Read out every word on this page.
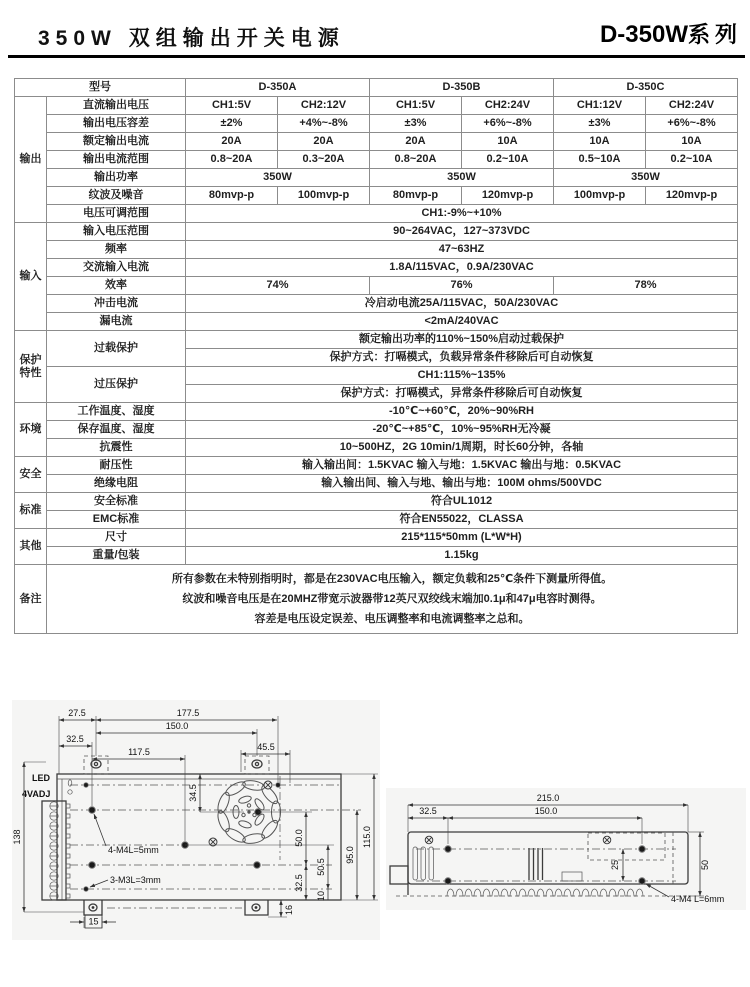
350W 双组输出开关电源	D-350W系列
型号		D-350A		D-350B		D-350C	
输出	直流输出电压	CH1:5V	CH2:12V	CH1:5V	CH2:24V	CH1:12V	CH2:24V
	输出电压容差	±2%	+4%~-8%	±3%	+6%~-8%	±3%	+6%~-8%
	额定输出电流	20A	20A	20A	10A	10A	10A
	输出电流范围	0.8~20A	0.3~20A	0.8~20A	0.2~10A	0.5~10A	0.2~10A
	输出功率	350W		350W		350W	
	纹波及噪音	80mvp-p	100mvp-p	80mvp-p	120mvp-p	100mvp-p	120mvp-p
	电压可调范围	CH1:-9%~+10%					
输入	输入电压范围	90~264VAC，127~373VDC					
	频率	47~63HZ					
	交流输入电流	1.8A/115VAC，0.9A/230VAC					
	效率	74%		76%		78%	
	冲击电流	冷启动电流25A/115VAC，50A/230VAC					
	漏电流	<2mA/240VAC					
保护特性	过载保护	额定输出功率的110%~150%启动过载保护					
		保护方式：打嗝模式，负载异常条件移除后可自动恢复					
	过压保护	CH1:115%~135%					
		保护方式：打嗝模式，异常条件移除后可自动恢复					
环境	工作温度、湿度	-10℃~+60℃，20%~90%RH					
	保存温度、湿度	-20℃~+85℃，10%~95%RH无冷凝					
	抗震性	10~500HZ，2G 10min/1周期，时长60分钟，各轴					
安全	耐压性	输入输出间：1.5KVAC 输入与地：1.5KVAC 输出与地：0.5KVAC					
	绝缘电阻	输入输出间、输入与地、输出与地：100M ohms/500VDC					
标准	安全标准	符合UL1012					
	EMC标准	符合EN55022，CLASSA					
其他	尺寸	215*115*50mm (L*W*H)					
	重量/包装	1.15kg					
备注	所有参数在未特别指明时，都是在230VAC电压输入，额定负载和25℃条件下测量所得值。
纹波和噪音电压是在20MHZ带宽示波器带12英尺双绞线末端加0.1μ和47μ电容时测得。
容差是电压设定误差、电压调整率和电流调整率之总和。						
LED
4VADJ
27.5	177.5
150.0
32.5
117.5	45.5
138
34.5
50.0
32.5
50.5
10
95.0
115.0
16
15
4-M4L=5mm
3-M3L=3mm
215.0
32.5	150.0
25	50
4-M4 L=6mm
